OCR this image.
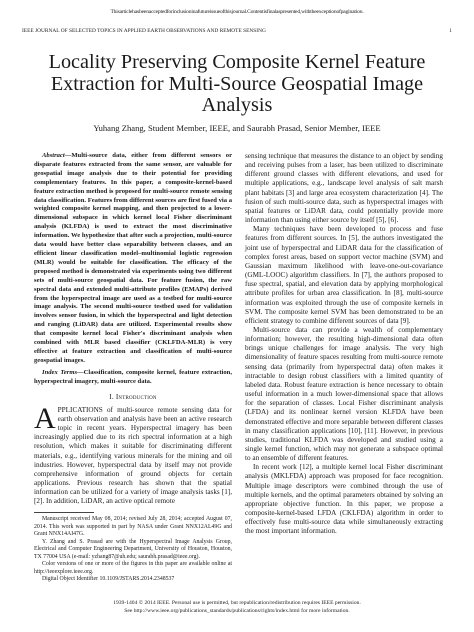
Thisarticlehasbeenacceptedforinclusioninafutureissueofthisjournal.Contentisfinalaspresented,withtheexceptionofpagination.
IEEE JOURNAL OF SELECTED TOPICS IN APPLIED EARTH OBSERVATIONS AND REMOTE SENSING	1
Locality Preserving Composite Kernel Feature Extraction for Multi-Source Geospatial Image Analysis
Yuhang Zhang, Student Member, IEEE, and Saurabh Prasad, Senior Member, IEEE

Abstract—Multi-source data, either from different sensors or disparate features extracted from the same sensor, are valuable for geospatial image analysis due to their potential for providing complementary features. In this paper, a composite-kernel-based feature extraction method is proposed for multi-source remote sensing data classification. Features from different sources are first fused via a weighted composite kernel mapping, and then projected to a lower-dimensional subspace in which kernel local Fisher discriminant analysis (KLFDA) is used to extract the most discriminative information. We hypothesize that after such a projection, multi-source data would have better class separability between classes, and an efficient linear classification model–multinomial logistic regression (MLR) would be suitable for classification. The efficacy of the proposed method is demonstrated via experiments using two different sets of multi-source geospatial data. For feature fusion, the raw spectral data and extended multi-attribute profiles (EMAPs) derived from the hyperspectral image are used as a testbed for multi-source image analysis. The second multi-source testbed used for validation involves sensor fusion, in which the hyperspectral and light detection and ranging (LiDAR) data are utilized. Experimental results show that composite kernel local Fisher's discriminant analysis when combined with MLR based classifier (CKLFDA-MLR) is very effective at feature extraction and classification of multi-source geospatial images.

Index Terms—Classification, composite kernel, feature extraction, hyperspectral imagery, multi-source data.

I. Introduction

APPLICATIONS of multi-source remote sensing data for earth observation and analysis have been an active research topic in recent years. Hyperspectral imagery has been increasingly applied due to its rich spectral information at a high resolution, which makes it suitable for discriminating different materials, e.g., identifying various minerals for the mining and oil industries. However, hyperspectral data by itself may not provide comprehensive information of ground objects for certain applications. Previous research has shown that the spatial information can be utilized for a variety of image analysis tasks [1], [2]. In addition, LiDAR, an active optical remote

Manuscript received May 08, 2014; revised July 28, 2014; accepted August 07, 2014. This work was supported in part by NASA under Grant NNX12AL49G and Grant NNX14AI47G.

Y. Zhang and S. Prasad are with the Hyperspectral Image Analysis Group, Electrical and Computer Engineering Department, University of Houston, Houston, TX 77004 USA (e-mail: yzhang87@uh.edu; saurabh.prasad@ieee.org).

Color versions of one or more of the figures in this paper are available online at http://ieeexplore.ieee.org.

Digital Object Identifier 10.1109/JSTARS.2014.2348537

sensing technique that measures the distance to an object by sending and receiving pulses from a laser, has been utilized to discriminate different ground classes with different elevations, and used for multiple applications, e.g., landscape level analysis of salt marsh plant habitats [3] and large area ecosystem characterization [4]. The fusion of such multi-source data, such as hyperspectral images with spatial features or LiDAR data, could potentially provide more information than using either source by itself [5], [6].

Many techniques have been developed to process and fuse features from different sources. In [5], the authors investigated the joint use of hyperspectral and LiDAR data for the classification of complex forest areas, based on support vector machine (SVM) and Gaussian maximum likelihood with leave-one-out-covariance (GML-LOOC) algorithm classifiers. In [7], the authors proposed to fuse spectral, spatial, and elevation data by applying morphological attribute profiles for urban area classification. In [8], multi-source information was exploited through the use of composite kernels in SVM. The composite kernel SVM has been demonstrated to be an efficient strategy to combine different sources of data [9].

Multi-source data can provide a wealth of complementary information; however, the resulting high-dimensional data often brings unique challenges for image analysis. The very high dimensionality of feature spaces resulting from multi-source remote sensing data (primarily from hyperspectral data) often makes it intractable to design robust classifiers with a limited quantity of labeled data. Robust feature extraction is hence necessary to obtain useful information in a much lower-dimensional space that allows for the separation of classes. Local Fisher discriminant analysis (LFDA) and its nonlinear kernel version KLFDA have been demonstrated effective and more separable between different classes in many classification applications [10], [11]. However, in previous studies, traditional KLFDA was developed and studied using a single kernel function, which may not generate a subspace optimal to an ensemble of different features.

In recent work [12], a multiple kernel local Fisher discriminant analysis (MKLFDA) approach was proposed for face recognition. Multiple image descriptors were combined through the use of multiple kernels, and the optimal parameters obtained by solving an appropriate objective function. In this paper, we propose a composite-kernel-based LFDA (CKLFDA) algorithm in order to effectively fuse multi-source data while simultaneously extracting the most important information.

1939-1404 © 2014 IEEE. Personal use is permitted, but republication/redistribution requires IEEE permission.
See http://www.ieee.org/publications_standards/publications/rights/index.html for more information.
